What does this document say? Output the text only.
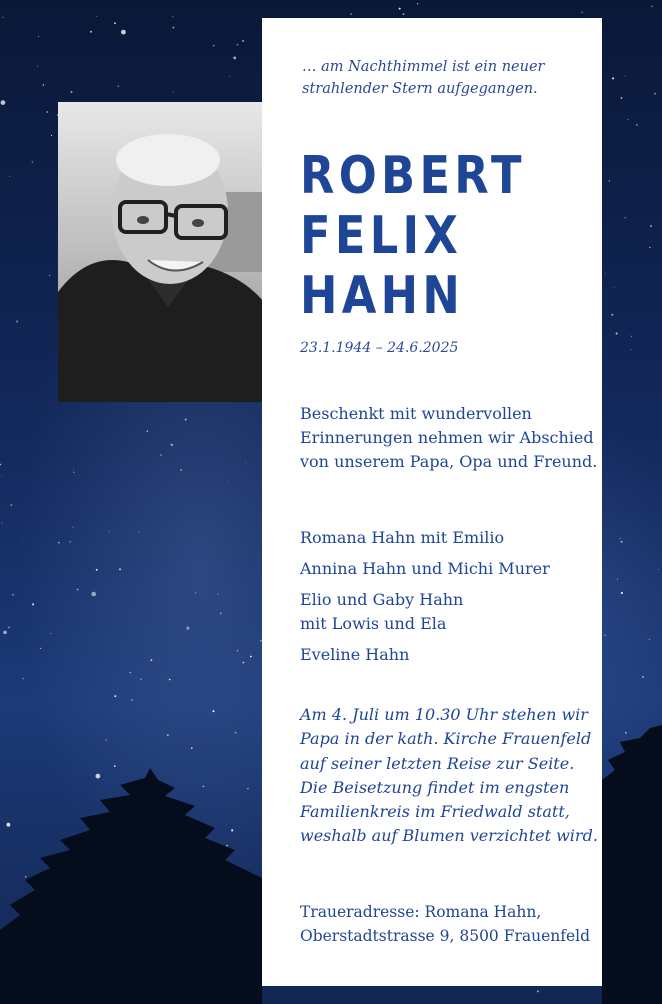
… am Nachthimmel ist ein neuer strahlender Stern aufgegangen.
ROBERT
FELIX
HAHN
23.1.1944 – 24.6.2025
Beschenkt mit wundervollen Erinnerungen nehmen wir Abschied von unserem Papa, Opa und Freund.
Romana Hahn mit Emilio
Annina Hahn und Michi Murer
Elio und Gaby Hahn
mit Lowis und Ela
Eveline Hahn
Am 4. Juli um 10.30 Uhr stehen wir Papa in der kath. Kirche Frauenfeld auf seiner letzten Reise zur Seite. Die Beisetzung findet im engsten Familienkreis im Friedwald statt, weshalb auf Blumen verzichtet wird.
Traueradresse: Romana Hahn,
Oberstadtstrasse 9, 8500 Frauenfeld
